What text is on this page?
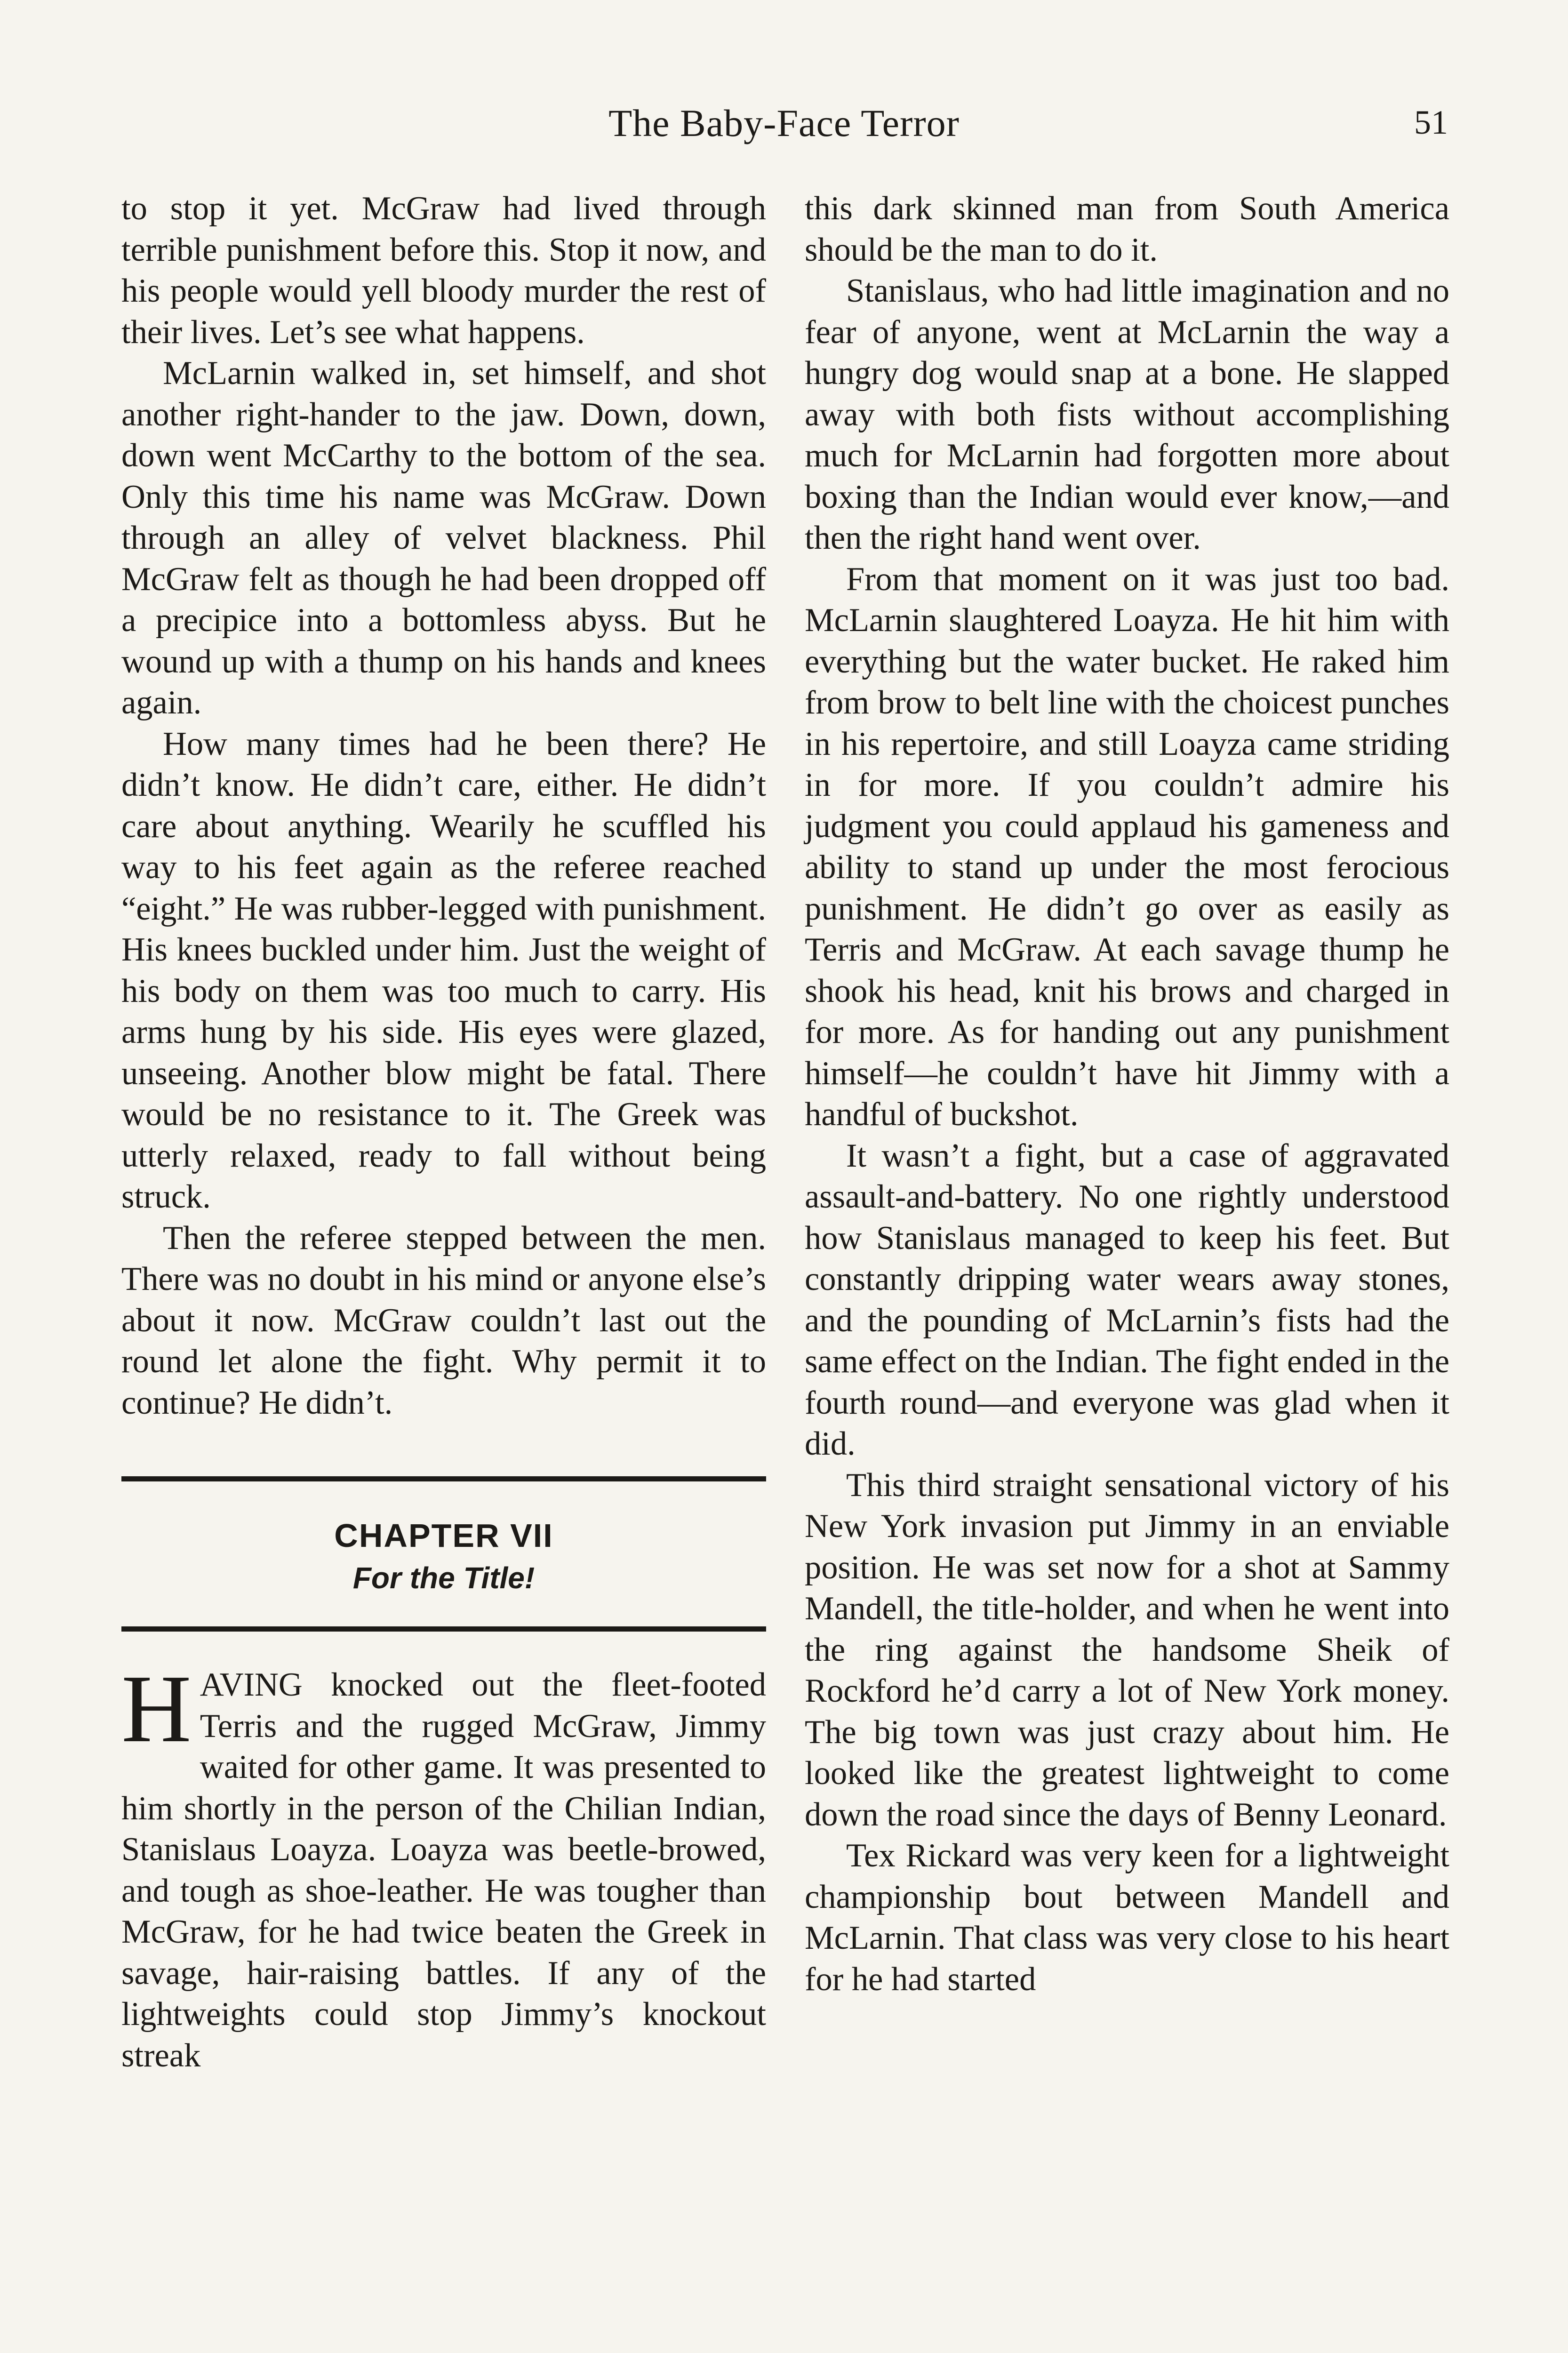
The Baby-Face Terror	51

to stop it yet. McGraw had lived through terrible punishment before this. Stop it now, and his people would yell bloody murder the rest of their lives. Let’s see what happens.

McLarnin walked in, set himself, and shot another right-hander to the jaw. Down, down, down went McCarthy to the bottom of the sea. Only this time his name was McGraw. Down through an alley of velvet blackness. Phil McGraw felt as though he had been dropped off a precipice into a bottomless abyss. But he wound up with a thump on his hands and knees again.

How many times had he been there? He didn’t know. He didn’t care, either. He didn’t care about anything. Wearily he scuffled his way to his feet again as the referee reached “eight.” He was rubber-legged with punishment. His knees buckled under him. Just the weight of his body on them was too much to carry. His arms hung by his side. His eyes were glazed, unseeing. Another blow might be fatal. There would be no resistance to it. The Greek was utterly relaxed, ready to fall without being struck.

Then the referee stepped between the men. There was no doubt in his mind or anyone else’s about it now. McGraw couldn’t last out the round let alone the fight. Why permit it to continue? He didn’t.

CHAPTER VII
For the Title!
H AVING knocked out the fleet-footed Terris and the rugged McGraw, Jimmy waited for other game. It was presented to him shortly in the person of the Chilian Indian, Stanislaus Loayza. Loayza was beetle-browed, and tough as shoe-leather. He was tougher than McGraw, for he had twice beaten the Greek in savage, hair-raising battles. If any of the lightweights could stop Jimmy’s knockout streak

this dark skinned man from South America should be the man to do it.

Stanislaus, who had little imagination and no fear of anyone, went at McLarnin the way a hungry dog would snap at a bone. He slapped away with both fists without accomplishing much for McLarnin had forgotten more about boxing than the Indian would ever know,—and then the right hand went over.

From that moment on it was just too bad. McLarnin slaughtered Loayza. He hit him with everything but the water bucket. He raked him from brow to belt line with the choicest punches in his repertoire, and still Loayza came striding in for more. If you couldn’t admire his judgment you could applaud his gameness and ability to stand up under the most ferocious punishment. He didn’t go over as easily as Terris and McGraw. At each savage thump he shook his head, knit his brows and charged in for more. As for handing out any punishment himself—he couldn’t have hit Jimmy with a handful of buckshot.

It wasn’t a fight, but a case of aggravated assault-and-battery. No one rightly understood how Stanislaus managed to keep his feet. But constantly dripping water wears away stones, and the pounding of McLarnin’s fists had the same effect on the Indian. The fight ended in the fourth round—and everyone was glad when it did.

This third straight sensational victory of his New York invasion put Jimmy in an enviable position. He was set now for a shot at Sammy Mandell, the title-holder, and when he went into the ring against the handsome Sheik of Rockford he’d carry a lot of New York money. The big town was just crazy about him. He looked like the greatest lightweight to come down the road since the days of Benny Leonard.

Tex Rickard was very keen for a lightweight championship bout between Mandell and McLarnin. That class was very close to his heart for he had started
